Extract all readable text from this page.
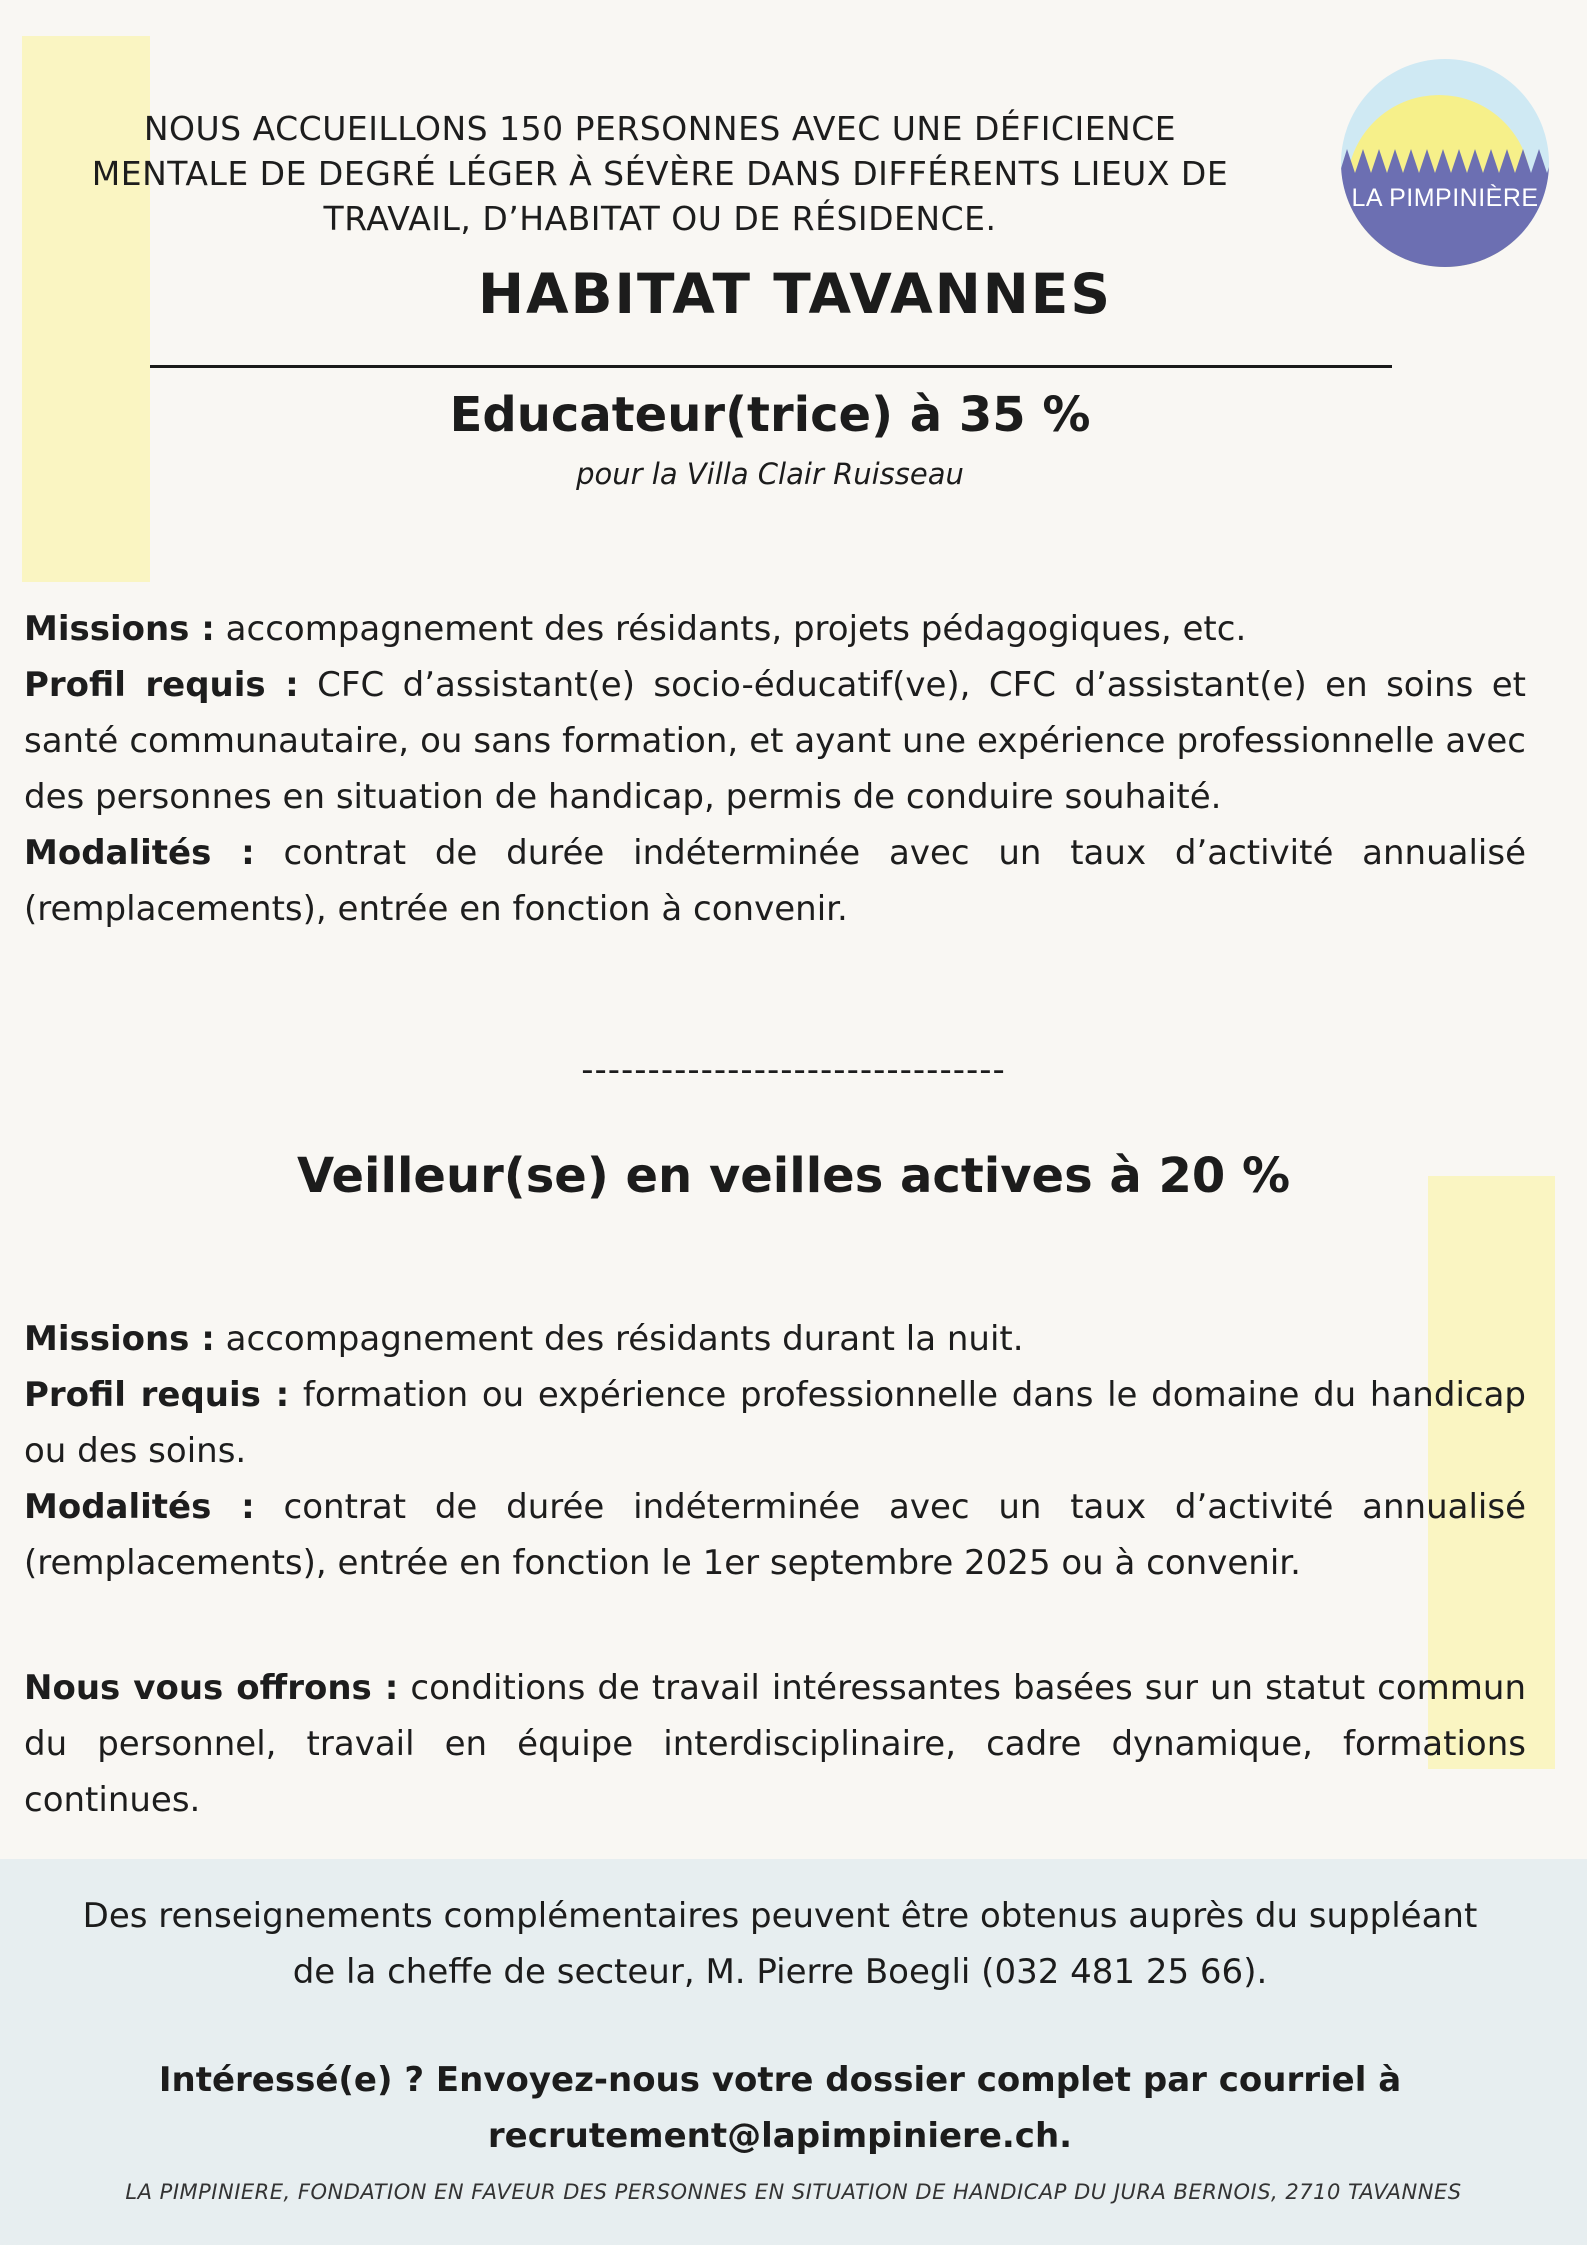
NOUS ACCUEILLONS 150 PERSONNES AVEC UNE DÉFICIENCE MENTALE DE DEGRÉ LÉGER À SÉVÈRE DANS DIFFÉRENTS LIEUX DE TRAVAIL, D’HABITAT OU DE RÉSIDENCE.
LA PIMPINIÈRE
HABITAT TAVANNES
Educateur(trice) à 35 %
pour la Villa Clair Ruisseau

Missions : accompagnement des résidants, projets pédagogiques, etc.

Profil requis : CFC d’assistant(e) socio-éducatif(ve), CFC d’assistant(e) en soins et santé communautaire, ou sans formation, et ayant une expérience professionnelle avec des personnes en situation de handicap, permis de conduire souhaité.

Modalités : contrat de durée indéterminée avec un taux d’activité annualisé (remplacements), entrée en fonction à convenir.

--------------------------------
Veilleur(se) en veilles actives à 20 %

Missions : accompagnement des résidants durant la nuit.

Profil requis : formation ou expérience professionnelle dans le domaine du handicap ou des soins.

Modalités : contrat de durée indéterminée avec un taux d’activité annualisé (remplacements), entrée en fonction le 1er septembre 2025 ou à convenir.

Nous vous offrons : conditions de travail intéressantes basées sur un statut commun du personnel, travail en équipe interdisciplinaire, cadre dynamique, formations continues.

Des renseignements complémentaires peuvent être obtenus auprès du suppléant de la cheffe de secteur, M. Pierre Boegli (032 481 25 66).
Intéressé(e) ? Envoyez-nous votre dossier complet par courriel à
recrutement@lapimpiniere.ch.
LA PIMPINIERE, FONDATION EN FAVEUR DES PERSONNES EN SITUATION DE HANDICAP DU JURA BERNOIS, 2710 TAVANNES
